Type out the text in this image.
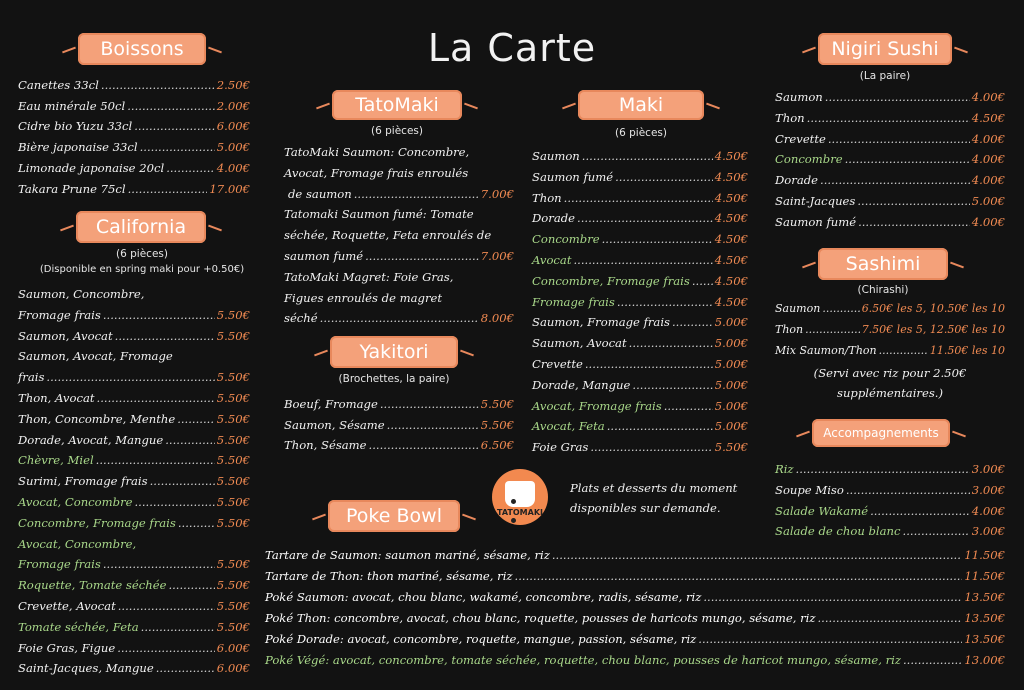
La Carte
Boissons
Canettes 33cl .....	2.50€
Eau minérale 50cl .....	2.00€
Cidre bio Yuzu 33cl .....	6.00€
Bière japonaise 33cl .....	5.00€
Limonade japonaise 20cl .....	4.00€
Takara Prune 75cl .....	17.00€
California
(6 pièces)
(Disponible en spring maki pour +0.50€)
Saumon, Concombre,
Fromage frais .....	5.50€
Saumon, Avocat .....	5.50€
Saumon, Avocat, Fromage
frais .....	5.50€
Thon, Avocat .....	5.50€
Thon, Concombre, Menthe .....	5.50€
Dorade, Avocat, Mangue .....	5.50€
Chèvre, Miel .....	5.50€
Surimi, Fromage frais .....	5.50€
Avocat, Concombre .....	5.50€
Concombre, Fromage frais .....	5.50€
Avocat, Concombre,
Fromage frais .....	5.50€
Roquette, Tomate séchée .....	5.50€
Crevette, Avocat .....	5.50€
Tomate séchée, Feta .....	5.50€
Foie Gras, Figue .....	6.00€
Saint-Jacques, Mangue .....	6.00€
TatoMaki
(6 pièces)
TatoMaki Saumon: Concombre,
Avocat, Fromage frais enroulés
de saumon .....	7.00€
Tatomaki Saumon fumé: Tomate
séchée, Roquette, Feta enroulés de
saumon fumé .....	7.00€
TatoMaki Magret: Foie Gras,
Figues enroulés de magret
séché .....	8.00€
Yakitori
(Brochettes, la paire)
Boeuf, Fromage .....	5.50€
Saumon, Sésame .....	5.50€
Thon, Sésame .....	6.50€
Maki
(6 pièces)
Saumon .....	4.50€
Saumon fumé .....	4.50€
Thon .....	4.50€
Dorade .....	4.50€
Concombre .....	4.50€
Avocat .....	4.50€
Concombre, Fromage frais ..... 4.50€
Fromage frais .....	4.50€
Saumon, Fromage frais .....	5.00€
Saumon, Avocat .....	5.00€
Crevette .....	5.00€
Dorade, Mangue .....	5.00€
Avocat, Fromage frais .....	5.00€
Avocat, Feta .....	5.00€
Foie Gras .....	5.50€
TATOMAKI
Plats et desserts du moment
disponibles sur demande.
Nigiri Sushi
(La paire)
Saumon .....	4.00€
Thon .....	4.50€
Crevette .....	4.00€
Concombre .....	4.00€
Dorade .....	4.00€
Saint-Jacques .....	5.00€
Saumon fumé .....	4.00€
Sashimi
(Chirashi)
Saumon .....	6.50€ les 5, 10.50€ les 10
Thon .....	7.50€ les 5, 12.50€ les 10
Mix Saumon/Thon .....	11.50€ les 10
(Servi avec riz pour 2.50€
supplémentaires.)
Accompagnements
Riz .....	3.00€
Soupe Miso .....	3.00€
Salade Wakamé .....	4.00€
Salade de chou blanc .....	3.00€
Poke Bowl
Tartare de Saumon: saumon mariné, sésame, riz .....	11.50€
Tartare de Thon: thon mariné, sésame, riz .....	11.50€
Poké Saumon: avocat, chou blanc, wakamé, concombre, radis, sésame, riz .....	13.50€
Poké Thon: concombre, avocat, chou blanc, roquette, pousses de haricots mungo, sésame, riz .....	13.50€
Poké Dorade: avocat, concombre, roquette, mangue, passion, sésame, riz .....	13.50€
Poké Végé: avocat, concombre, tomate séchée, roquette, chou blanc, pousses de haricot mungo, sésame, riz .....	13.00€
